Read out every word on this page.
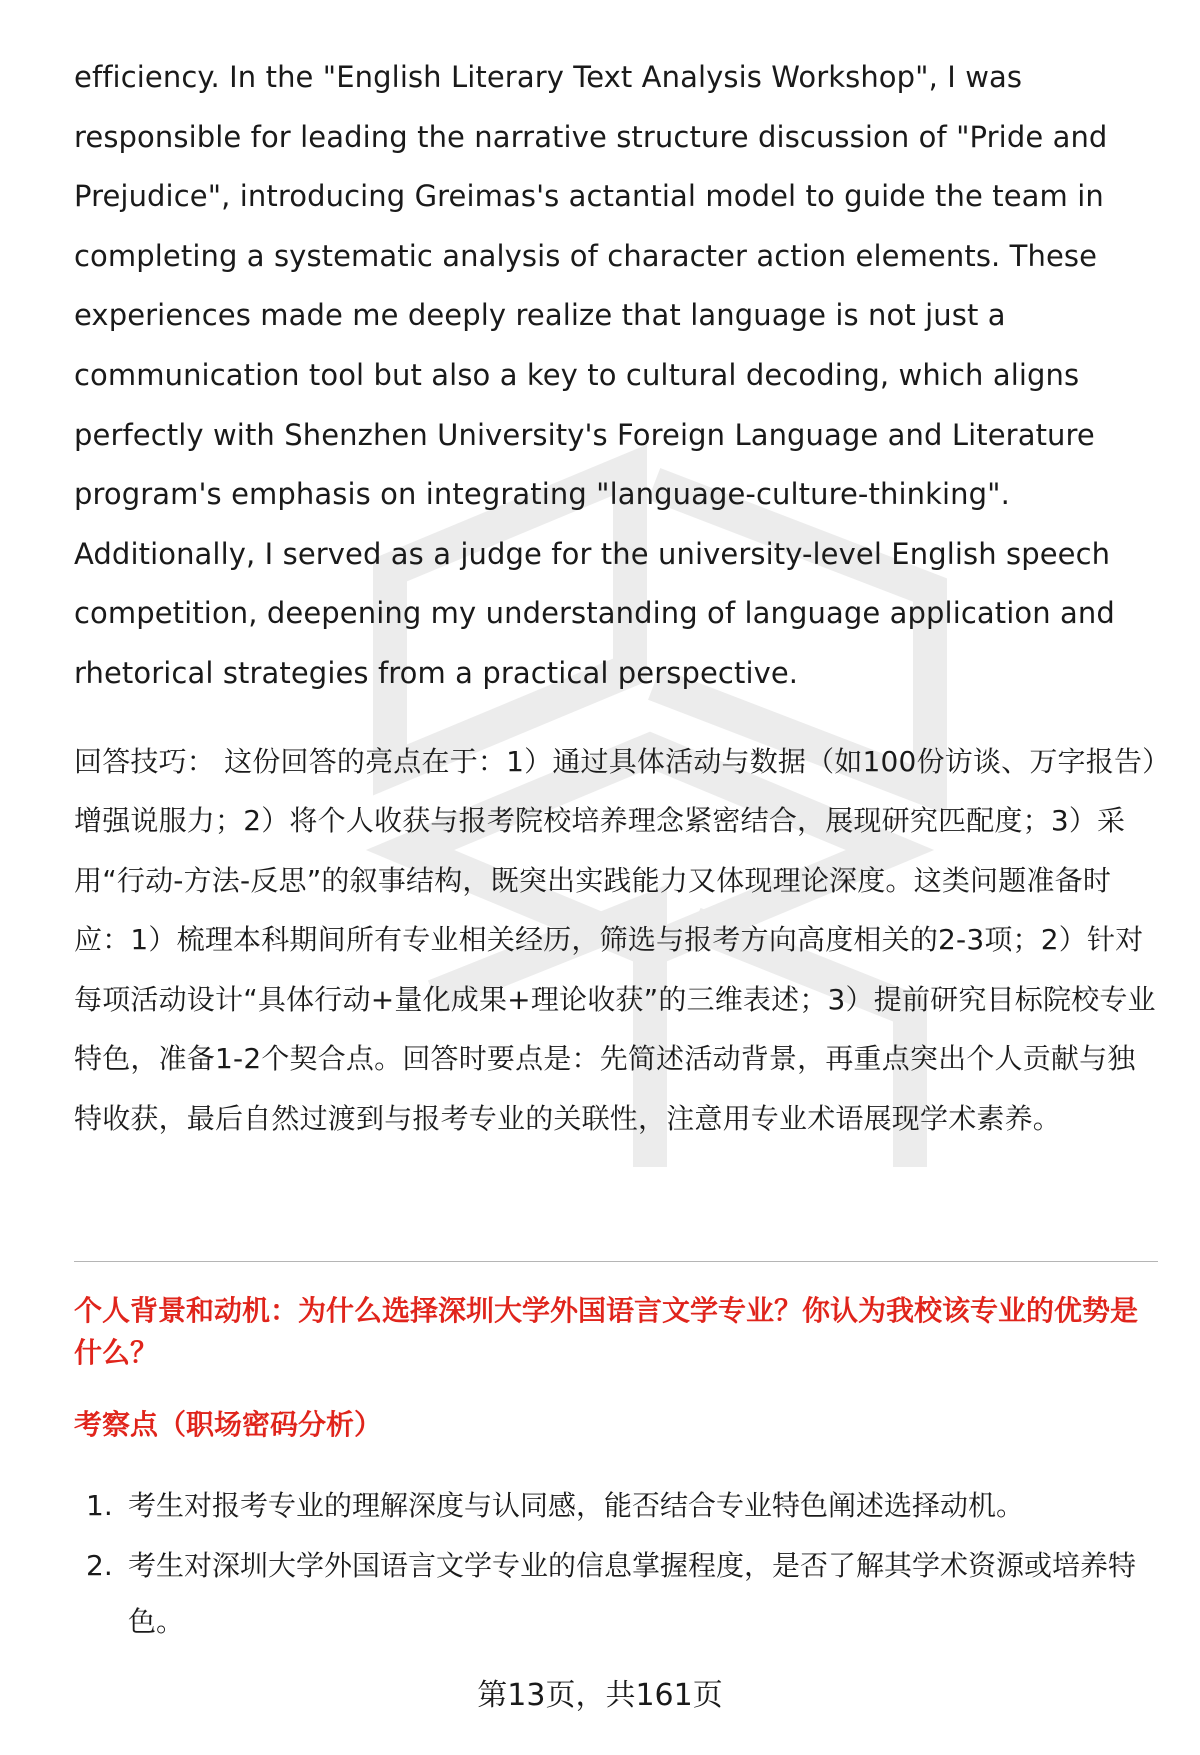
efficiency. In the "English Literary Text Analysis Workshop", I was responsible for leading the narrative structure discussion of "Pride and Prejudice", introducing Greimas's actantial model to guide the team in completing a systematic analysis of character action elements. These experiences made me deeply realize that language is not just a communication tool but also a key to cultural decoding, which aligns perfectly with Shenzhen University's Foreign Language and Literature program's emphasis on integrating "language-culture-thinking". Additionally, I served as a judge for the university-level English speech competition, deepening my understanding of language application and rhetorical strategies from a practical perspective.

回答技巧： 这份回答的亮点在于：1）通过具体活动与数据（如100份访谈、万字报告）增强说服力；2）将个人收获与报考院校培养理念紧密结合，展现研究匹配度；3）采用“行动-方法-反思”的叙事结构，既突出实践能力又体现理论深度。这类问题准备时应：1）梳理本科期间所有专业相关经历，筛选与报考方向高度相关的2-3项；2）针对每项活动设计“具体行动+量化成果+理论收获”的三维表述；3）提前研究目标院校专业特色，准备1-2个契合点。回答时要点是：先简述活动背景，再重点突出个人贡献与独特收获，最后自然过渡到与报考专业的关联性，注意用专业术语展现学术素养。

个人背景和动机：为什么选择深圳大学外国语言文学专业？你认为我校该专业的优势是什么？

考察点（职场密码分析）

1. 考生对报考专业的理解深度与认同感，能否结合专业特色阐述选择动机。
2. 考生对深圳大学外国语言文学专业的信息掌握程度，是否了解其学术资源或培养特色。
第13页，共161页
